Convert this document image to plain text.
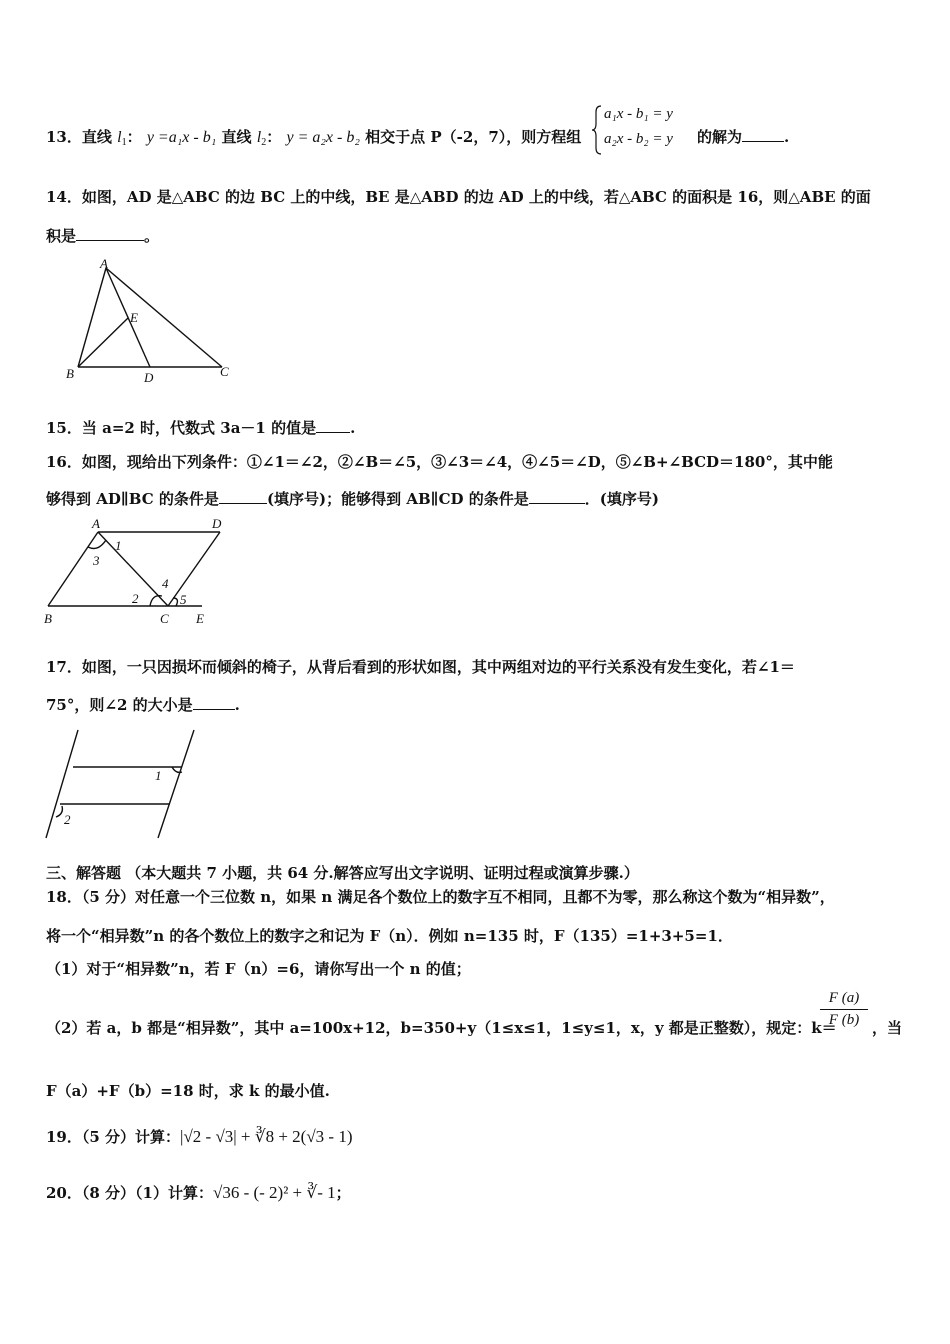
13．直线 $l_1$： y =a₁x - b₁ 直线 $l_2$： y = a₂x - b₂ 相交于点 P（-2，7），则方程组
a₁x - b₁ = y
a₂x - b₂ = y 的解为	.
14．如图，AD 是△ABC 的边 BC 上的中线，BE 是△ABD 的边 AD 上的中线，若△ABC 的面积是 16，则△ABE 的面
积是	。
A
B	C
D
E
15．当 a=2 时，代数式 3a－1 的值是 .
16．如图，现给出下列条件：①∠1＝∠2，②∠B＝∠5，③∠3＝∠4，④∠5＝∠D，⑤∠B+∠BCD＝180°，其中能
够得到 AD∥BC 的条件是	(填序号)；能够得到 AB∥CD 的条件是	．(填序号)
A	D
B	C E
1
3
2
4
5
17．如图，一只因损坏而倾斜的椅子，从背后看到的形状如图，其中两组对边的平行关系没有发生变化，若∠1＝
75°，则∠2 的大小是	.
1
2
三、解答题 （本大题共 7 小题，共 64 分.解答应写出文字说明、证明过程或演算步骤.）
18．（5 分）对任意一个三位数 n，如果 n 满足各个数位上的数字互不相同，且都不为零，那么称这个数为“相异数”，
将一个“相异数”n 的各个数位上的数字之和记为 F（n）．例如 n=135 时，F（135）=1+3+5=1．
（1）对于“相异数”n，若 F（n）=6，请你写出一个 n 的值；
（2）若 a，b 都是“相异数”，其中 a=100x+12，b=350+y（1≤x≤1，1≤y≤1，x，y 都是正整数），规定：k＝
F (a)
F (b) ，当
F（a）+F（b）=18 时，求 k 的最小值.
19．（5 分）计算：|√2 - √3| + ∛8 + 2(√3 - 1)
20．（8 分）（1）计算：√36 - (- 2)² + ∛- 1；
